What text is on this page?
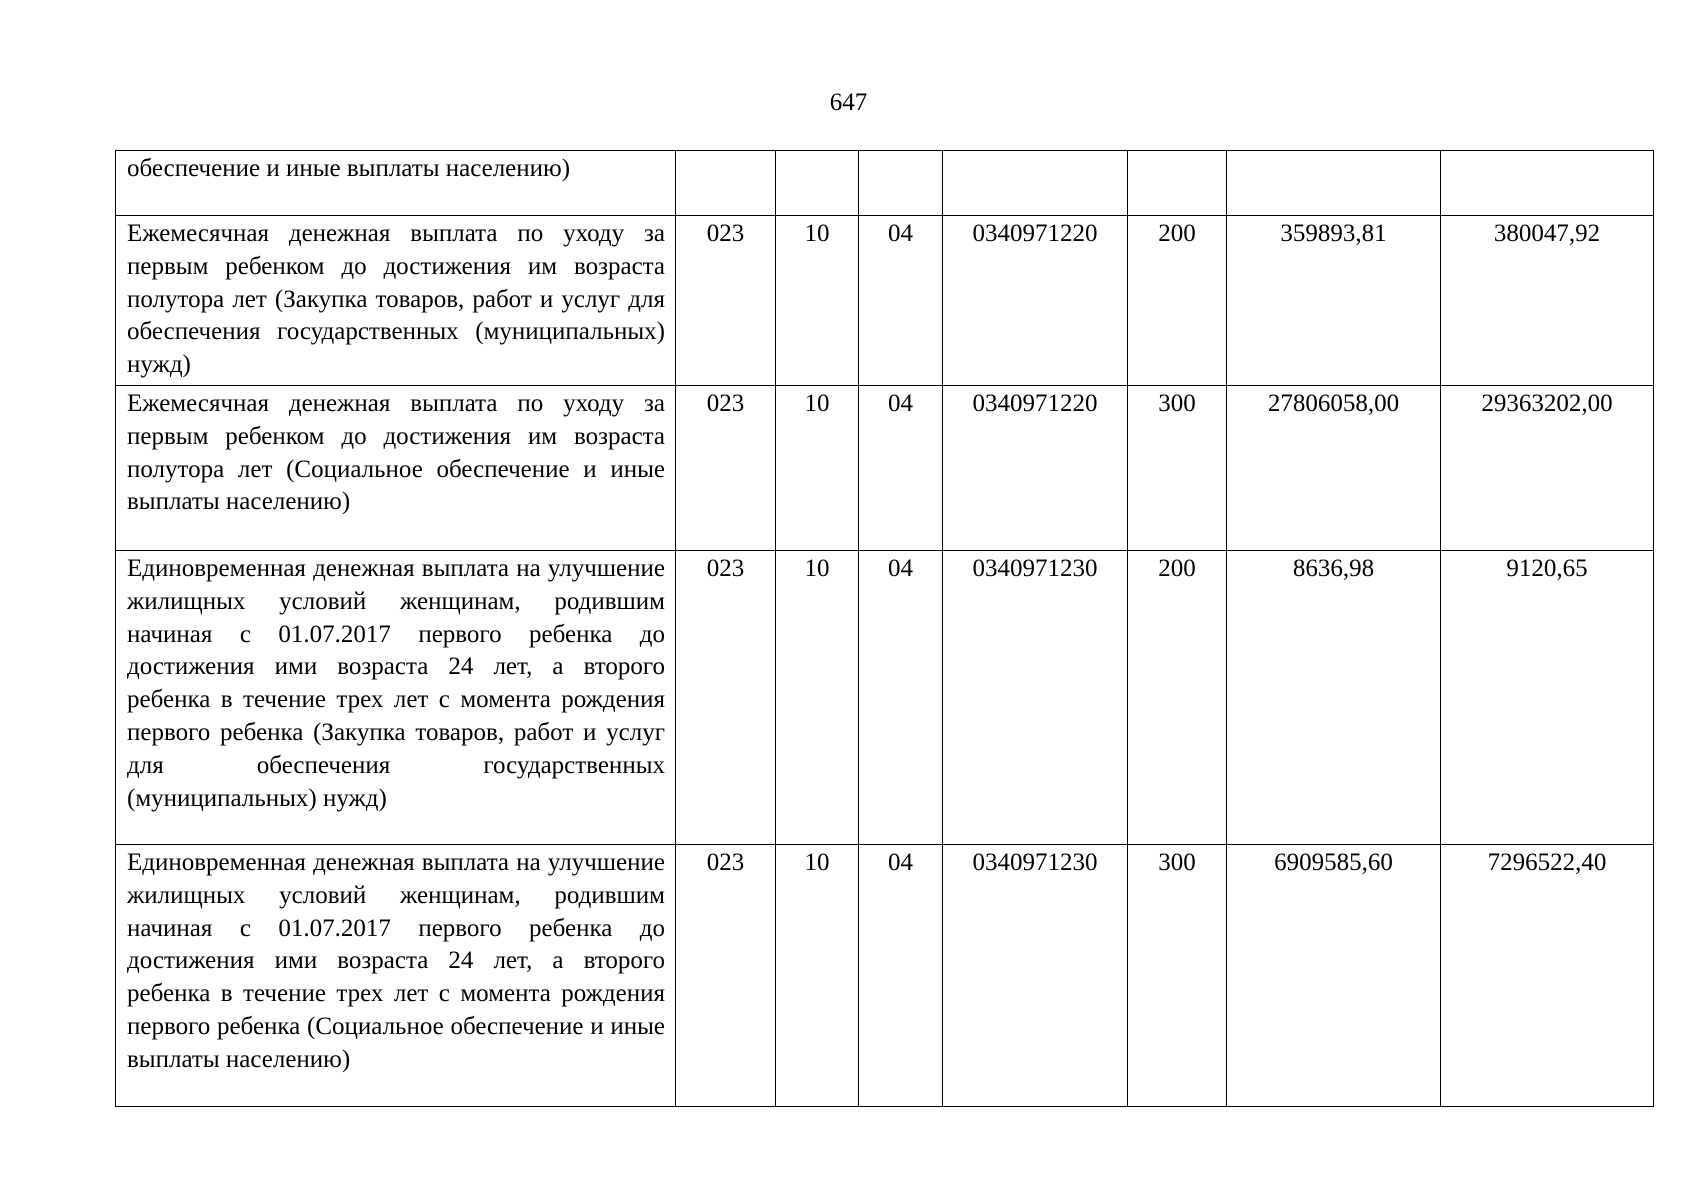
647
обеспечение и иные выплаты населению)							
Ежемесячная денежная выплата по уходу за первым ребенком до достижения им возраста полутора лет (Закупка товаров, работ и услуг для обеспечения государственных (муниципальных) нужд)	023	10	04	0340971220	200	359893,81	380047,92
Ежемесячная денежная выплата по уходу за первым ребенком до достижения им возраста полутора лет (Социальное обеспечение и иные выплаты населению)	023	10	04	0340971220	300	27806058,00	29363202,00
Единовременная денежная выплата на улучшение жилищных условий женщинам, родившим начиная с 01.07.2017 первого ребенка до достижения ими возраста 24 лет, а второго ребенка в течение трех лет с момента рождения первого ребенка (Закупка товаров, работ и услуг для обеспечения государственных (муниципальных) нужд)	023	10	04	0340971230	200	8636,98	9120,65
Единовременная денежная выплата на улучшение жилищных условий женщинам, родившим начиная с 01.07.2017 первого ребенка до достижения ими возраста 24 лет, а второго ребенка в течение трех лет с момента рождения первого ребенка (Социальное обеспечение и иные выплаты населению)	023	10	04	0340971230	300	6909585,60	7296522,40
